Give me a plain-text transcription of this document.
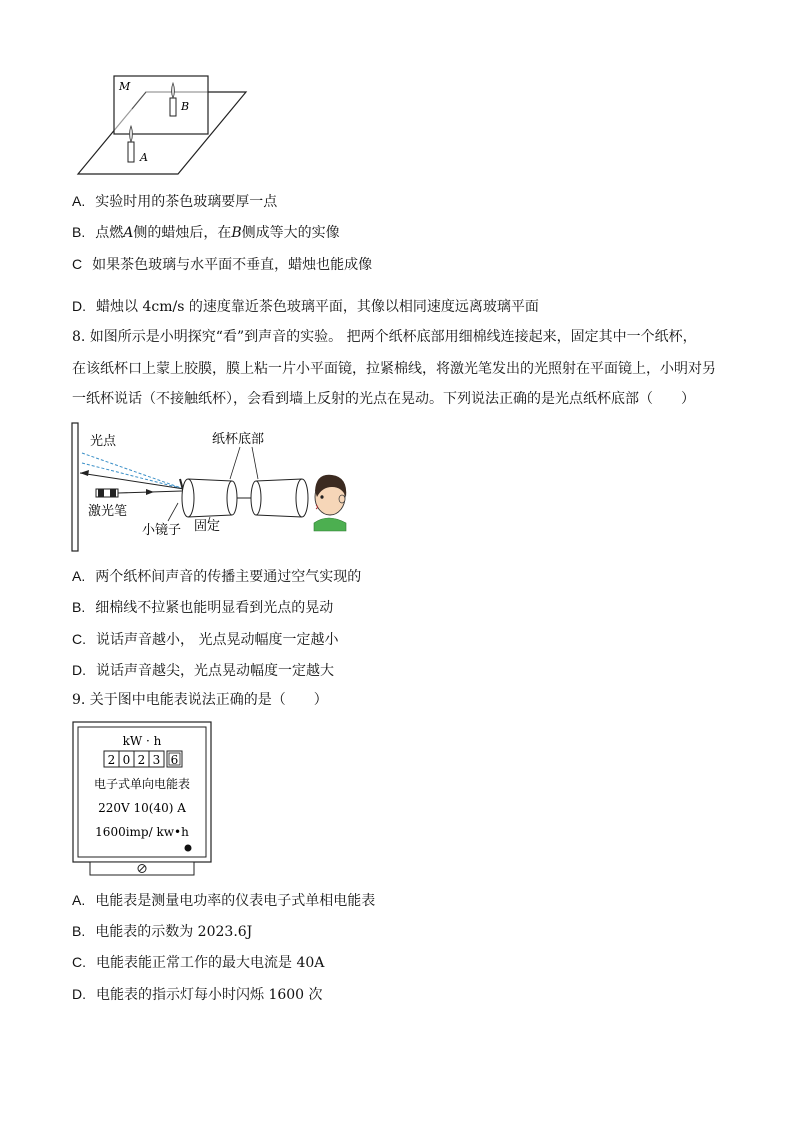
B
M
A
A. 实验时用的茶色玻璃要厚一点
B. 点燃A侧的蜡烛后，在B侧成等大的实像
C 如果茶色玻璃与水平面不垂直，蜡烛也能成像
D. 蜡烛以 4cm/s 的速度靠近茶色玻璃平面，其像以相同速度远离玻璃平面
8. 如图所示是小明探究“看”到声音的实验。 把两个纸杯底部用细棉线连接起来，固定其中一个纸杯，
在该纸杯口上蒙上胶膜，膜上粘一片小平面镜，拉紧棉线，将激光笔发出的光照射在平面镜上，小明对另
一纸杯说话（不接触纸杯），会看到墙上反射的光点在晃动。下列说法正确的是光点纸杯底部（　　）
光点
激光笔
小镜子
纸杯底部
固定
A. 两个纸杯间声音的传播主要通过空气实现的
B. 细棉线不拉紧也能明显看到光点的晃动
C. 说话声音越小， 光点晃动幅度一定越小
D. 说话声音越尖，光点晃动幅度一定越大
9. 关于图中电能表说法正确的是（　　）
kW · h
2 0 2 3 6
电子式单向电能表
220V 10(40) A
1600imp/ kw•h
A. 电能表是测量电功率的仪表电子式单相电能表
B. 电能表的示数为 2023.6J
C. 电能表能正常工作的最大电流是 40A
D. 电能表的指示灯每小时闪烁 1600 次
